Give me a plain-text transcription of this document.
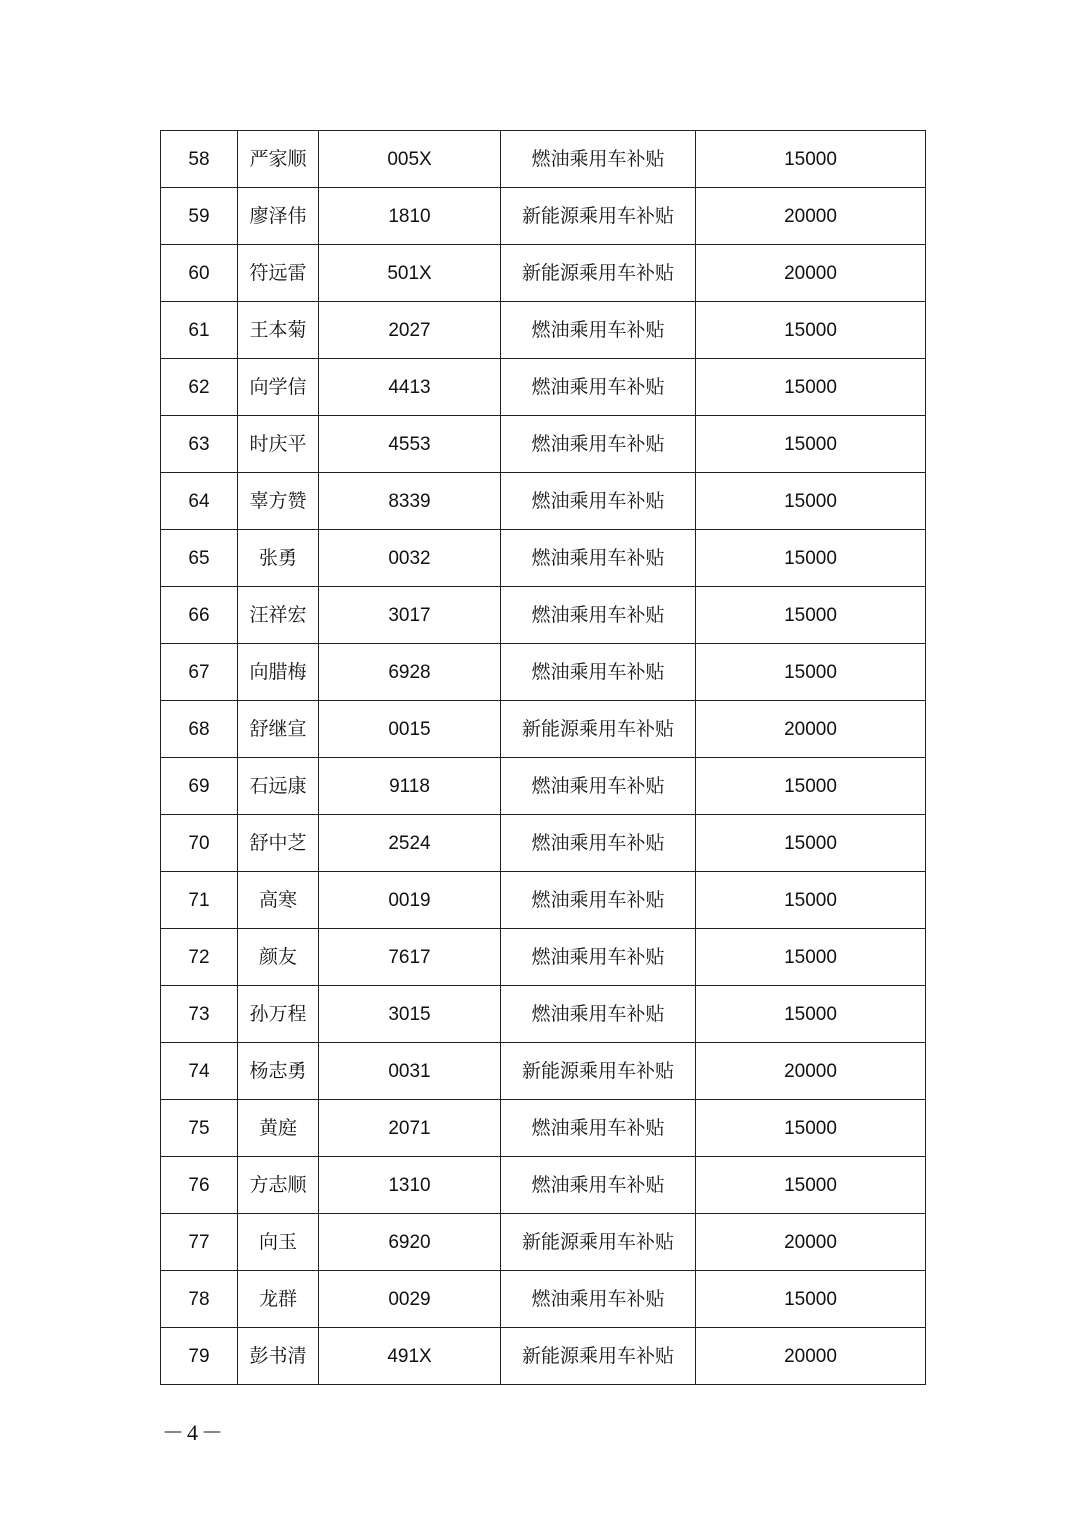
58	严家顺	005X	燃油乘用车补贴	15000
59	廖泽伟	1810	新能源乘用车补贴	20000
60	符远雷	501X	新能源乘用车补贴	20000
61	王本菊	2027	燃油乘用车补贴	15000
62	向学信	4413	燃油乘用车补贴	15000
63	时庆平	4553	燃油乘用车补贴	15000
64	辜方赞	8339	燃油乘用车补贴	15000
65	张勇	0032	燃油乘用车补贴	15000
66	汪祥宏	3017	燃油乘用车补贴	15000
67	向腊梅	6928	燃油乘用车补贴	15000
68	舒继宣	0015	新能源乘用车补贴	20000
69	石远康	9118	燃油乘用车补贴	15000
70	舒中芝	2524	燃油乘用车补贴	15000
71	高寒	0019	燃油乘用车补贴	15000
72	颜友	7617	燃油乘用车补贴	15000
73	孙万程	3015	燃油乘用车补贴	15000
74	杨志勇	0031	新能源乘用车补贴	20000
75	黄庭	2071	燃油乘用车补贴	15000
76	方志顺	1310	燃油乘用车补贴	15000
77	向玉	6920	新能源乘用车补贴	20000
78	龙群	0029	燃油乘用车补贴	15000
79	彭书清	491X	新能源乘用车补贴	20000
－4－
